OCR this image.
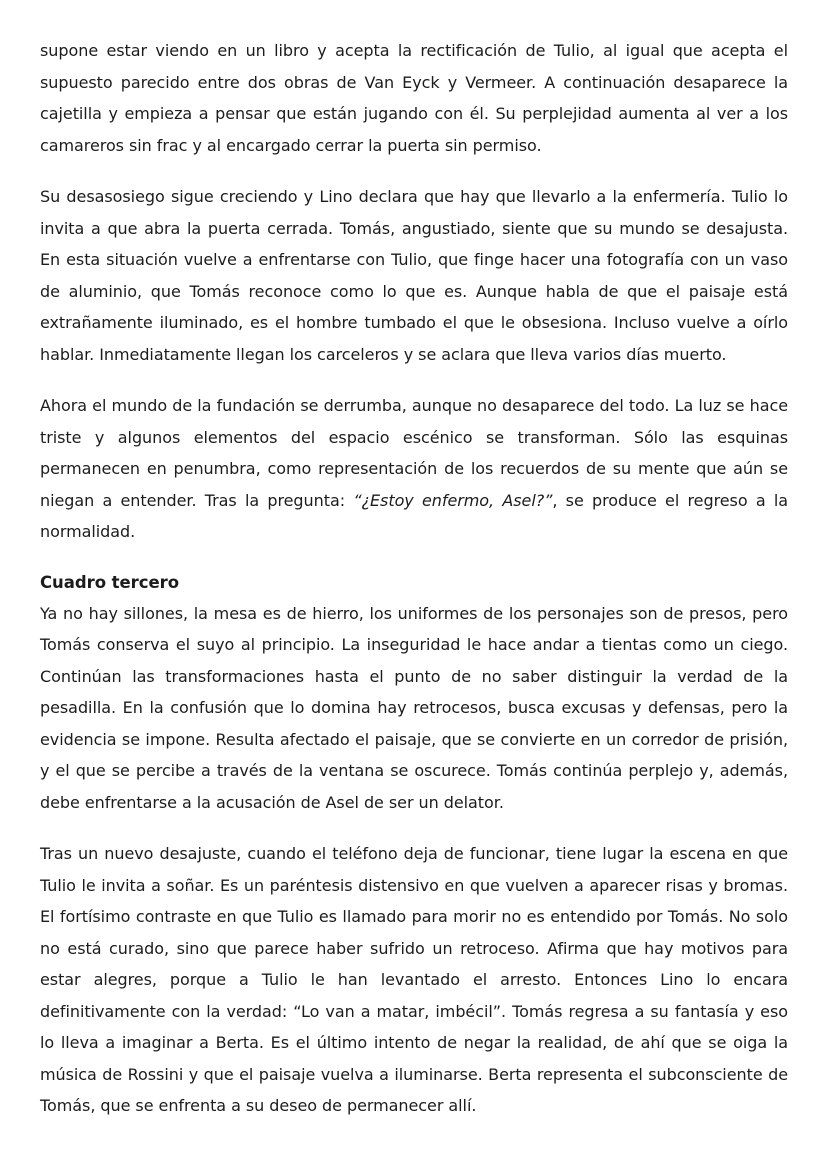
supone estar viendo en un libro y acepta la rectificación de Tulio, al igual que acepta el supuesto parecido entre dos obras de Van Eyck y Vermeer. A continuación desaparece la cajetilla y empieza a pensar que están jugando con él. Su perplejidad aumenta al ver a los camareros sin frac y al encargado cerrar la puerta sin permiso.

Su desasosiego sigue creciendo y Lino declara que hay que llevarlo a la enfermería. Tulio lo invita a que abra la puerta cerrada. Tomás, angustiado, siente que su mundo se desajusta. En esta situación vuelve a enfrentarse con Tulio, que finge hacer una fotografía con un vaso de aluminio, que Tomás reconoce como lo que es. Aunque habla de que el paisaje está extrañamente iluminado, es el hombre tumbado el que le obsesiona. Incluso vuelve a oírlo hablar. Inmediatamente llegan los carceleros y se aclara que lleva varios días muerto.

Ahora el mundo de la fundación se derrumba, aunque no desaparece del todo. La luz se hace triste y algunos elementos del espacio escénico se transforman. Sólo las esquinas permanecen en penumbra, como representación de los recuerdos de su mente que aún se niegan a entender. Tras la pregunta: “¿Estoy enfermo, Asel?”, se produce el regreso a la normalidad.

Cuadro tercero

Ya no hay sillones, la mesa es de hierro, los uniformes de los personajes son de presos, pero Tomás conserva el suyo al principio. La inseguridad le hace andar a tientas como un ciego. Continúan las transformaciones hasta el punto de no saber distinguir la verdad de la pesadilla. En la confusión que lo domina hay retrocesos, busca excusas y defensas, pero la evidencia se impone. Resulta afectado el paisaje, que se convierte en un corredor de prisión, y el que se percibe a través de la ventana se oscurece. Tomás continúa perplejo y, además, debe enfrentarse a la acusación de Asel de ser un delator.

Tras un nuevo desajuste, cuando el teléfono deja de funcionar, tiene lugar la escena en que Tulio le invita a soñar. Es un paréntesis distensivo en que vuelven a aparecer risas y bromas. El fortísimo contraste en que Tulio es llamado para morir no es entendido por Tomás. No solo no está curado, sino que parece haber sufrido un retroceso. Afirma que hay motivos para estar alegres, porque a Tulio le han levantado el arresto. Entonces Lino lo encara definitivamente con la verdad: “Lo van a matar, imbécil”. Tomás regresa a su fantasía y eso lo lleva a imaginar a Berta. Es el último intento de negar la realidad, de ahí que se oiga la música de Rossini y que el paisaje vuelva a iluminarse. Berta representa el subconsciente de Tomás, que se enfrenta a su deseo de permanecer allí.
